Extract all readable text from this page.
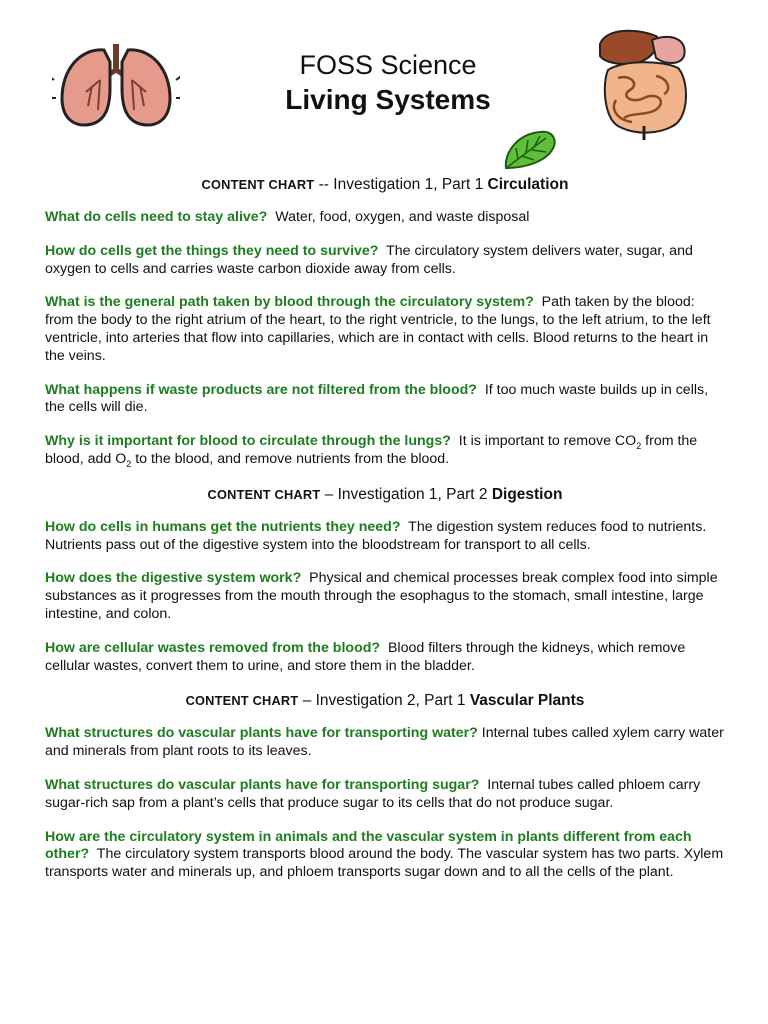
FOSS Science
Living Systems
CONTENT CHART -- Investigation 1, Part 1 Circulation

What do cells need to stay alive? Water, food, oxygen, and waste disposal

How do cells get the things they need to survive? The circulatory system delivers water, sugar, and oxygen to cells and carries waste carbon dioxide away from cells.

What is the general path taken by blood through the circulatory system? Path taken by the blood: from the body to the right atrium of the heart, to the right ventricle, to the lungs, to the left atrium, to the left ventricle, into arteries that flow into capillaries, which are in contact with cells. Blood returns to the heart in the veins.

What happens if waste products are not filtered from the blood? If too much waste builds up in cells, the cells will die.

Why is it important for blood to circulate through the lungs? It is important to remove $CO_2$ from the blood, add $O_2$ to the blood, and remove nutrients from the blood.

CONTENT CHART – Investigation 1, Part 2 Digestion

How do cells in humans get the nutrients they need? The digestion system reduces food to nutrients. Nutrients pass out of the digestive system into the bloodstream for transport to all cells.

How does the digestive system work? Physical and chemical processes break complex food into simple substances as it progresses from the mouth through the esophagus to the stomach, small intestine, large intestine, and colon.

How are cellular wastes removed from the blood? Blood filters through the kidneys, which remove cellular wastes, convert them to urine, and store them in the bladder.

CONTENT CHART – Investigation 2, Part 1 Vascular Plants

What structures do vascular plants have for transporting water? Internal tubes called xylem carry water and minerals from plant roots to its leaves.

What structures do vascular plants have for transporting sugar? Internal tubes called phloem carry sugar-rich sap from a plant’s cells that produce sugar to its cells that do not produce sugar.

How are the circulatory system in animals and the vascular system in plants different from each other? The circulatory system transports blood around the body. The vascular system has two parts. Xylem transports water and minerals up, and phloem transports sugar down and to all the cells of the plant.
